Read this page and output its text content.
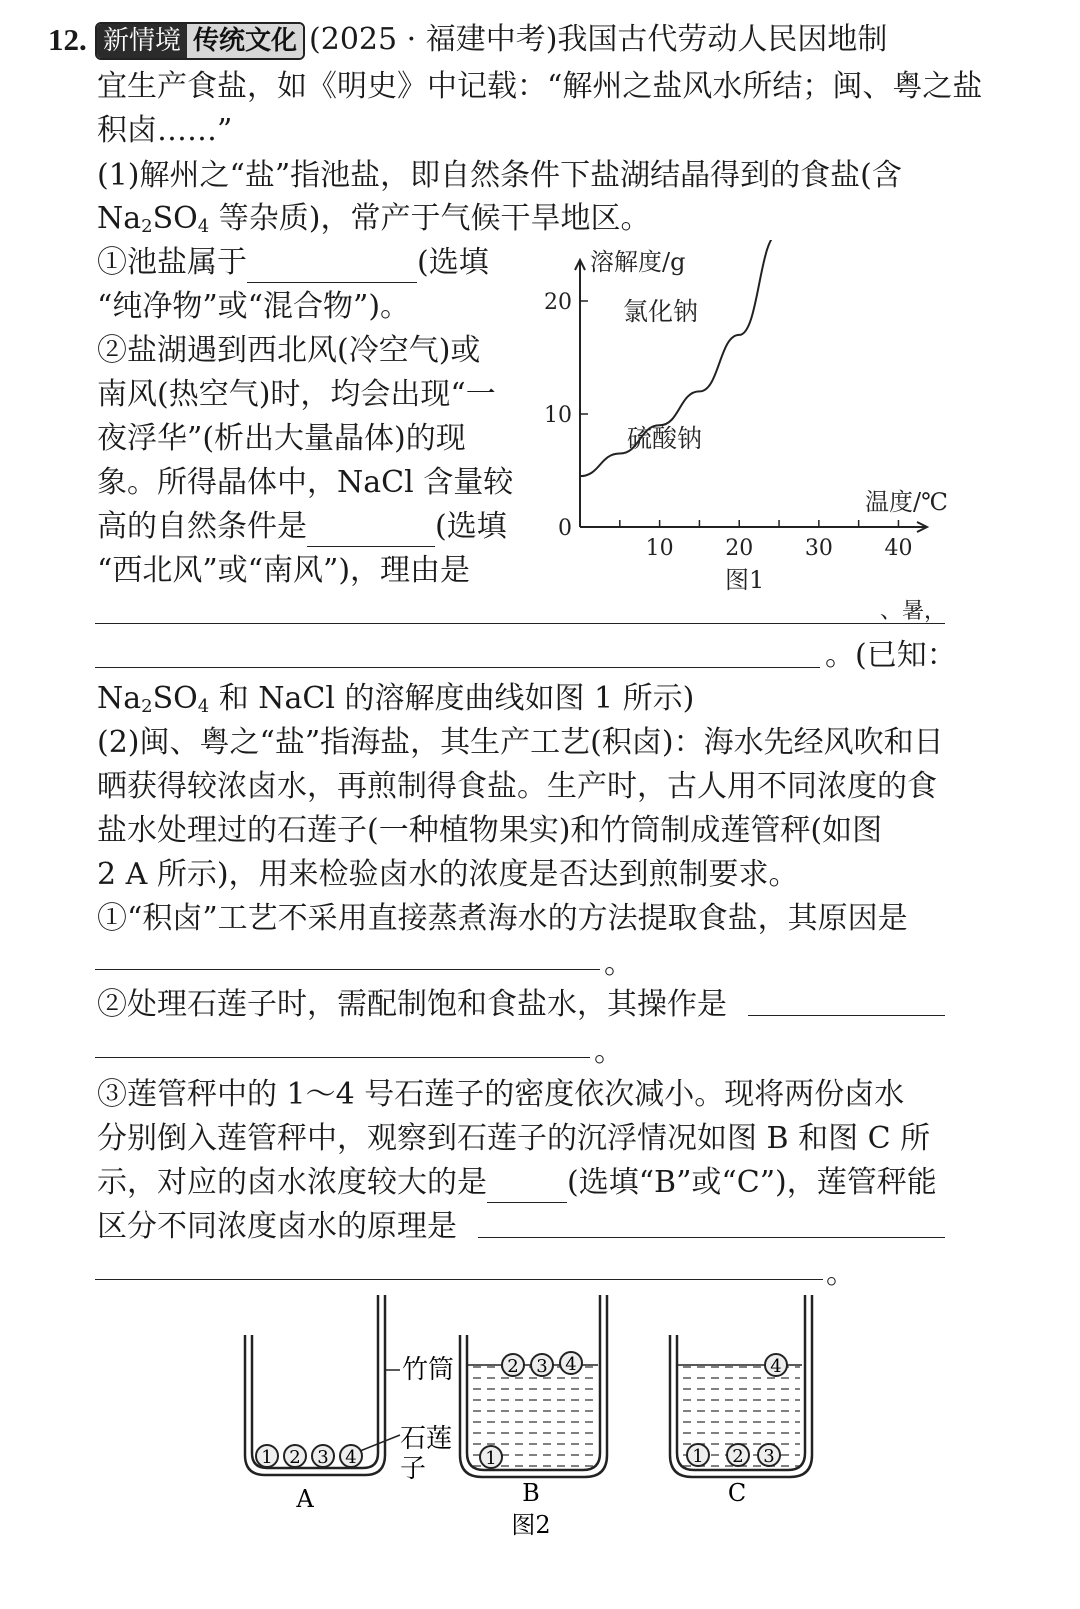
12. 新情境 传统文化 (2025 · 福建中考)我国古代劳动人民因地制
宜生产食盐，如《明史》中记载：“解州之盐风水所结；闽、粤之盐
积卤……”
(1)解州之“盐”指池盐，即自然条件下盐湖结晶得到的食盐(含
$Na_2SO_4$ 等杂质)，常产于气候干旱地区。
①池盐属于	(选填
“纯净物”或“混合物”)。
②盐湖遇到西北风(冷空气)或
南风(热空气)时，均会出现“一
夜浮华”(析出大量晶体)的现
象。所得晶体中，NaCl 含量较
高的自然条件是	(选填
“西北风”或“南风”)，理由是
0
10
20
10 20 30 40
溶解度/g
温度/℃
氯化钠
硫酸钠
图1
、暑，
。(已知：
$Na_2SO_4$ 和 NaCl 的溶解度曲线如图 1 所示)
(2)闽、粤之“盐”指海盐，其生产工艺(积卤)：海水先经风吹和日
晒获得较浓卤水，再煎制得食盐。生产时，古人用不同浓度的食
盐水处理过的石莲子(一种植物果实)和竹筒制成莲管秤(如图
2 A 所示)，用来检验卤水的浓度是否达到煎制要求。
①“积卤”工艺不采用直接蒸煮海水的方法提取食盐，其原因是
。
②处理石莲子时，需配制饱和食盐水，其操作是
。
③莲管秤中的 1～4 号石莲子的密度依次减小。现将两份卤水
分别倒入莲管秤中，观察到石莲子的沉浮情况如图 B 和图 C 所
示，对应的卤水浓度较大的是	(选填“B”或“C”)，莲管秤能
区分不同浓度卤水的原理是
。
1 2 3 4
A
竹筒
石莲
子	1
2 3 4
B
1 2 3
4
C
图2
